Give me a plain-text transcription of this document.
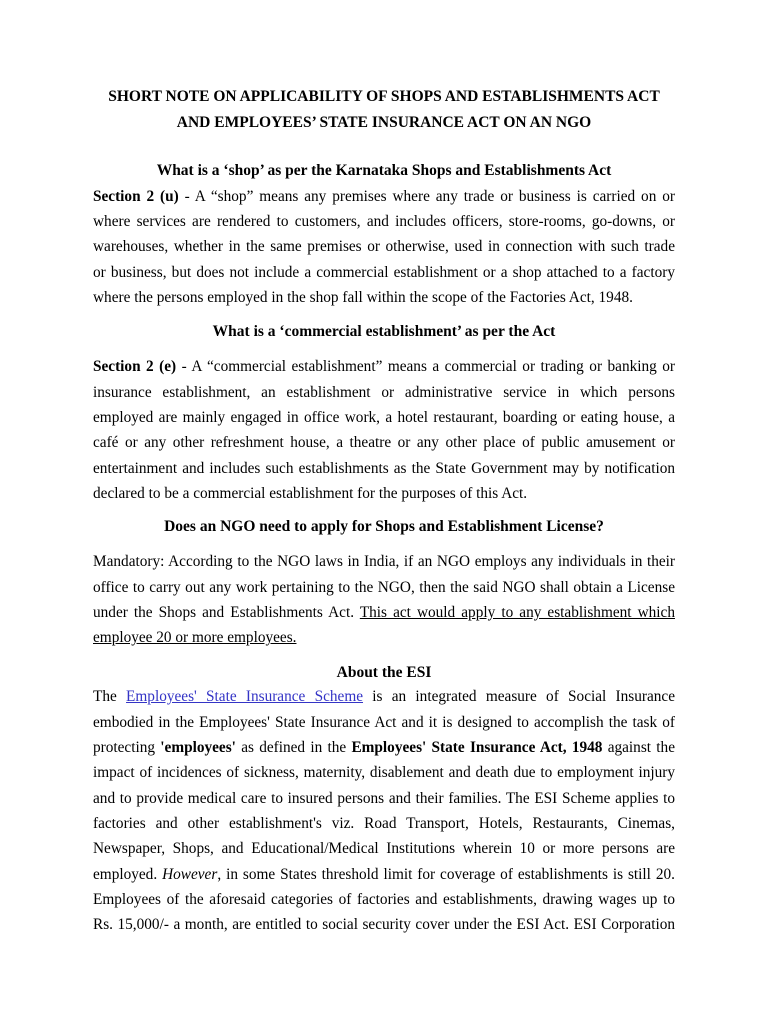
SHORT NOTE ON APPLICABILITY OF SHOPS AND ESTABLISHMENTS ACT
AND EMPLOYEES’ STATE INSURANCE ACT ON AN NGO
What is a ‘shop’ as per the Karnataka Shops and Establishments Act
Section 2 (u) - A “shop” means any premises where any trade or business is carried on or
where services are rendered to customers, and includes officers, store-rooms, go-downs, or
warehouses, whether in the same premises or otherwise, used in connection with such trade
or business, but does not include a commercial establishment or a shop attached to a factory
where the persons employed in the shop fall within the scope of the Factories Act, 1948.
What is a ‘commercial establishment’ as per the Act
Section 2 (e) - A “commercial establishment” means a commercial or trading or banking or
insurance establishment, an establishment or administrative service in which persons
employed are mainly engaged in office work, a hotel restaurant, boarding or eating house, a
café or any other refreshment house, a theatre or any other place of public amusement or
entertainment and includes such establishments as the State Government may by notification
declared to be a commercial establishment for the purposes of this Act.
Does an NGO need to apply for Shops and Establishment License?
Mandatory: According to the NGO laws in India, if an NGO employs any individuals in their
office to carry out any work pertaining to the NGO, then the said NGO shall obtain a License
under the Shops and Establishments Act. This act would apply to any establishment which
employee 20 or more employees.
About the ESI
The Employees' State Insurance Scheme is an integrated measure of Social Insurance
embodied in the Employees' State Insurance Act and it is designed to accomplish the task of
protecting 'employees' as defined in the Employees' State Insurance Act, 1948 against the
impact of incidences of sickness, maternity, disablement and death due to employment injury
and to provide medical care to insured persons and their families. The ESI Scheme applies to
factories and other establishment's viz. Road Transport, Hotels, Restaurants, Cinemas,
Newspaper, Shops, and Educational/Medical Institutions wherein 10 or more persons are
employed. However, in some States threshold limit for coverage of establishments is still 20.
Employees of the aforesaid categories of factories and establishments, drawing wages up to
Rs. 15,000/- a month, are entitled to social security cover under the ESI Act. ESI Corporation
